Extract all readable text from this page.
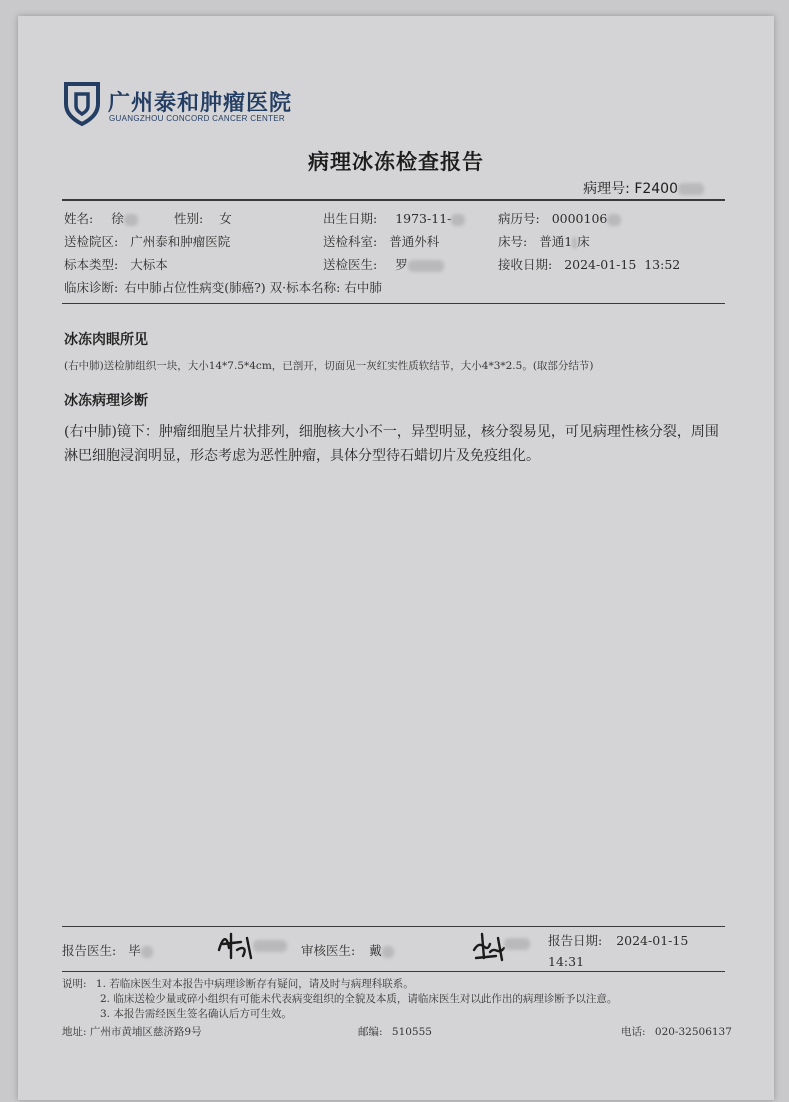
广州泰和肿瘤医院
GUANGZHOU CONCORD CANCER CENTER
病理冰冻检查报告
病理号: F2400
姓名: 徐	性别: 女	出生日期: 1973-11-	病历号: 0000106
送检院区: 广州泰和肿瘤医院	送检科室: 普通外科	床号: 普通1 床
标本类型: 大标本	送检医生: 罗	接收日期: 2024-01-15  13:52
临床诊断: 右中肺占位性病变(肺癌?) 双·标本名称: 右中肺
冰冻肉眼所见
(右中肺)送检肺组织一块，大小14*7.5*4cm，已剖开，切面见一灰红实性质软结节，大小4*3*2.5。(取部分结节)
冰冻病理诊断
(右中肺)镜下：肿瘤细胞呈片状排列，细胞核大小不一，异型明显，核分裂易见，可见病理性核分裂，周围淋巴细胞浸润明显，形态考虑为恶性肿瘤，具体分型待石蜡切片及免疫组化。
报告医生: 毕	审核医生: 戴
报告日期: 2024-01-15
14:31
说明: 1. 若临床医生对本报告中病理诊断存有疑问，请及时与病理科联系。
2. 临床送检少量或碎小组织有可能未代表病变组织的全貌及本质，请临床医生对以此作出的病理诊断予以注意。
3. 本报告需经医生签名确认后方可生效。
地址: 广州市黄埔区慈济路9号	邮编: 510555	电话: 020-32506137
